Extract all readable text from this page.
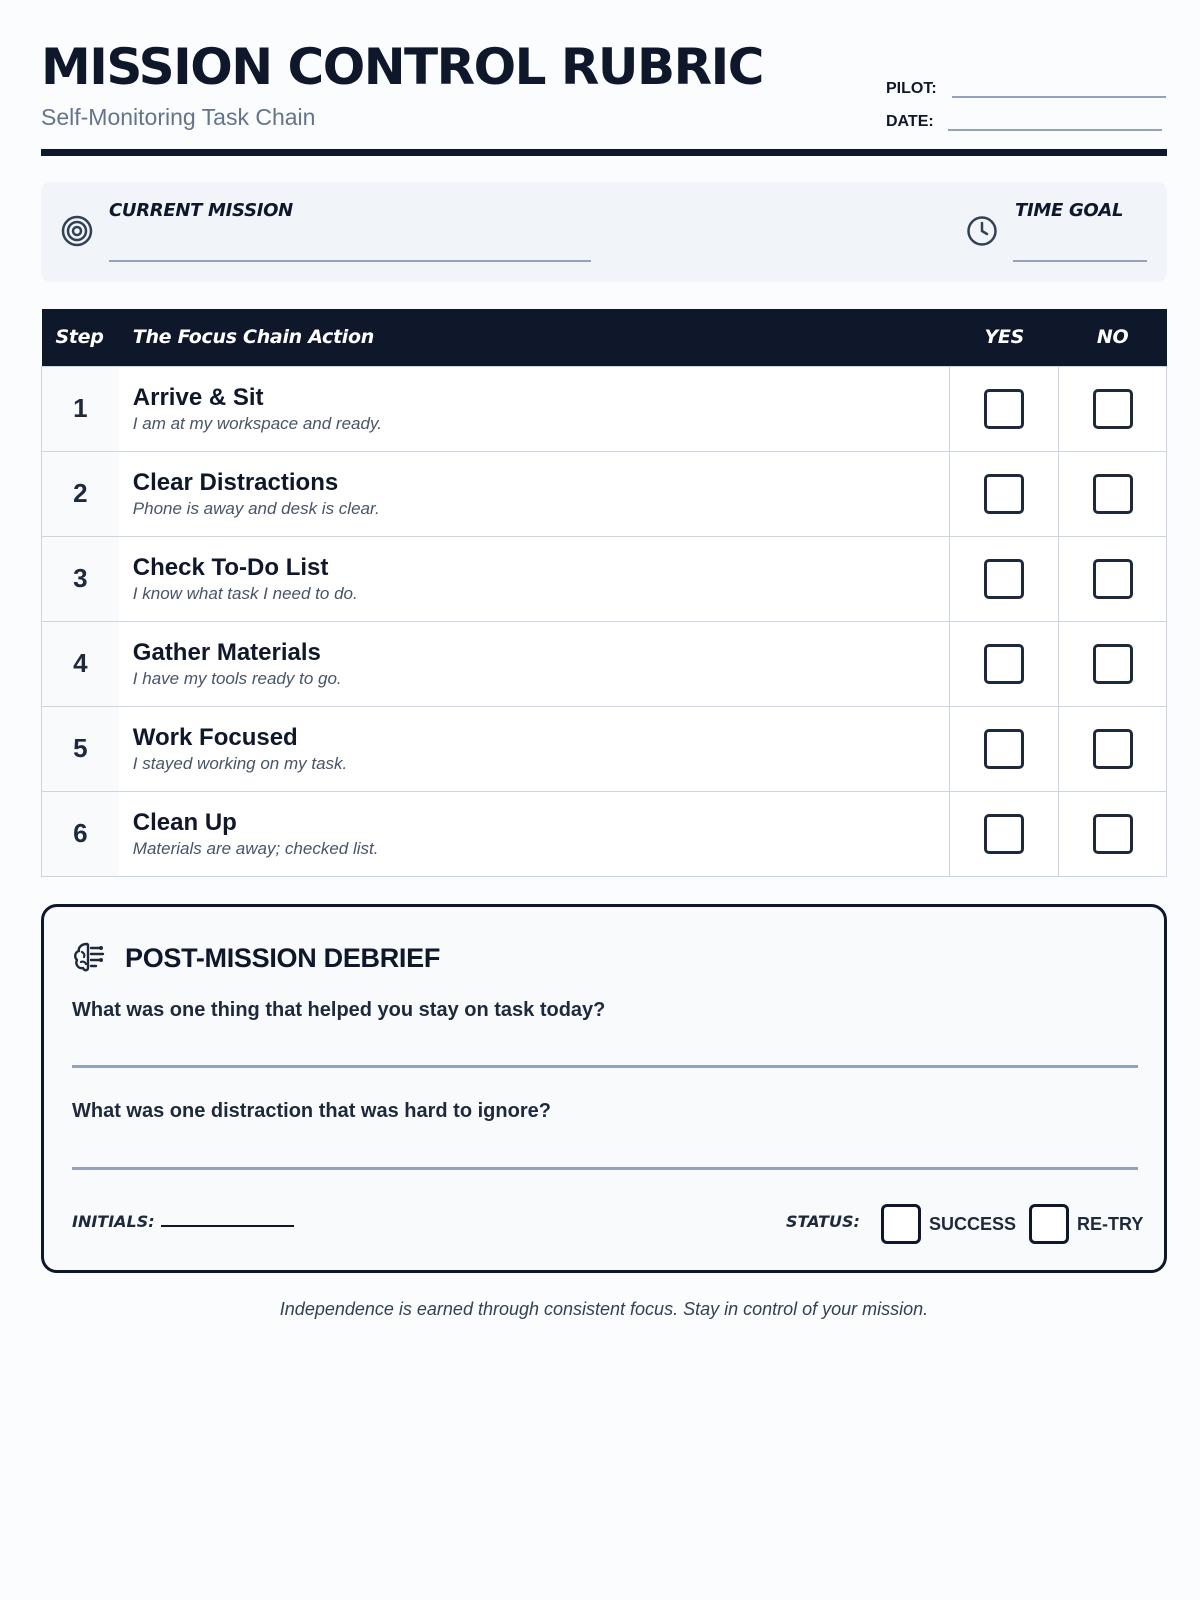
MISSION CONTROL RUBRIC
Self-Monitoring Task Chain
PILOT:
DATE:
CURRENT MISSION	TIME GOAL
Step	The Focus Chain Action	YES	NO
1	Arrive & Sit
I am at my workspace and ready.		

2	Clear Distractions
Phone is away and desk is clear.		

3	Check To-Do List
I know what task I need to do.		

4	Gather Materials
I have my tools ready to go.		

5	Work Focused
I stayed working on my task.		

6	Clean Up
Materials are away; checked list.		

POST-MISSION DEBRIEF
What was one thing that helped you stay on task today?
What was one distraction that was hard to ignore?
INITIALS:	STATUS:	SUCCESS	RE-TRY
Independence is earned through consistent focus. Stay in control of your mission.
